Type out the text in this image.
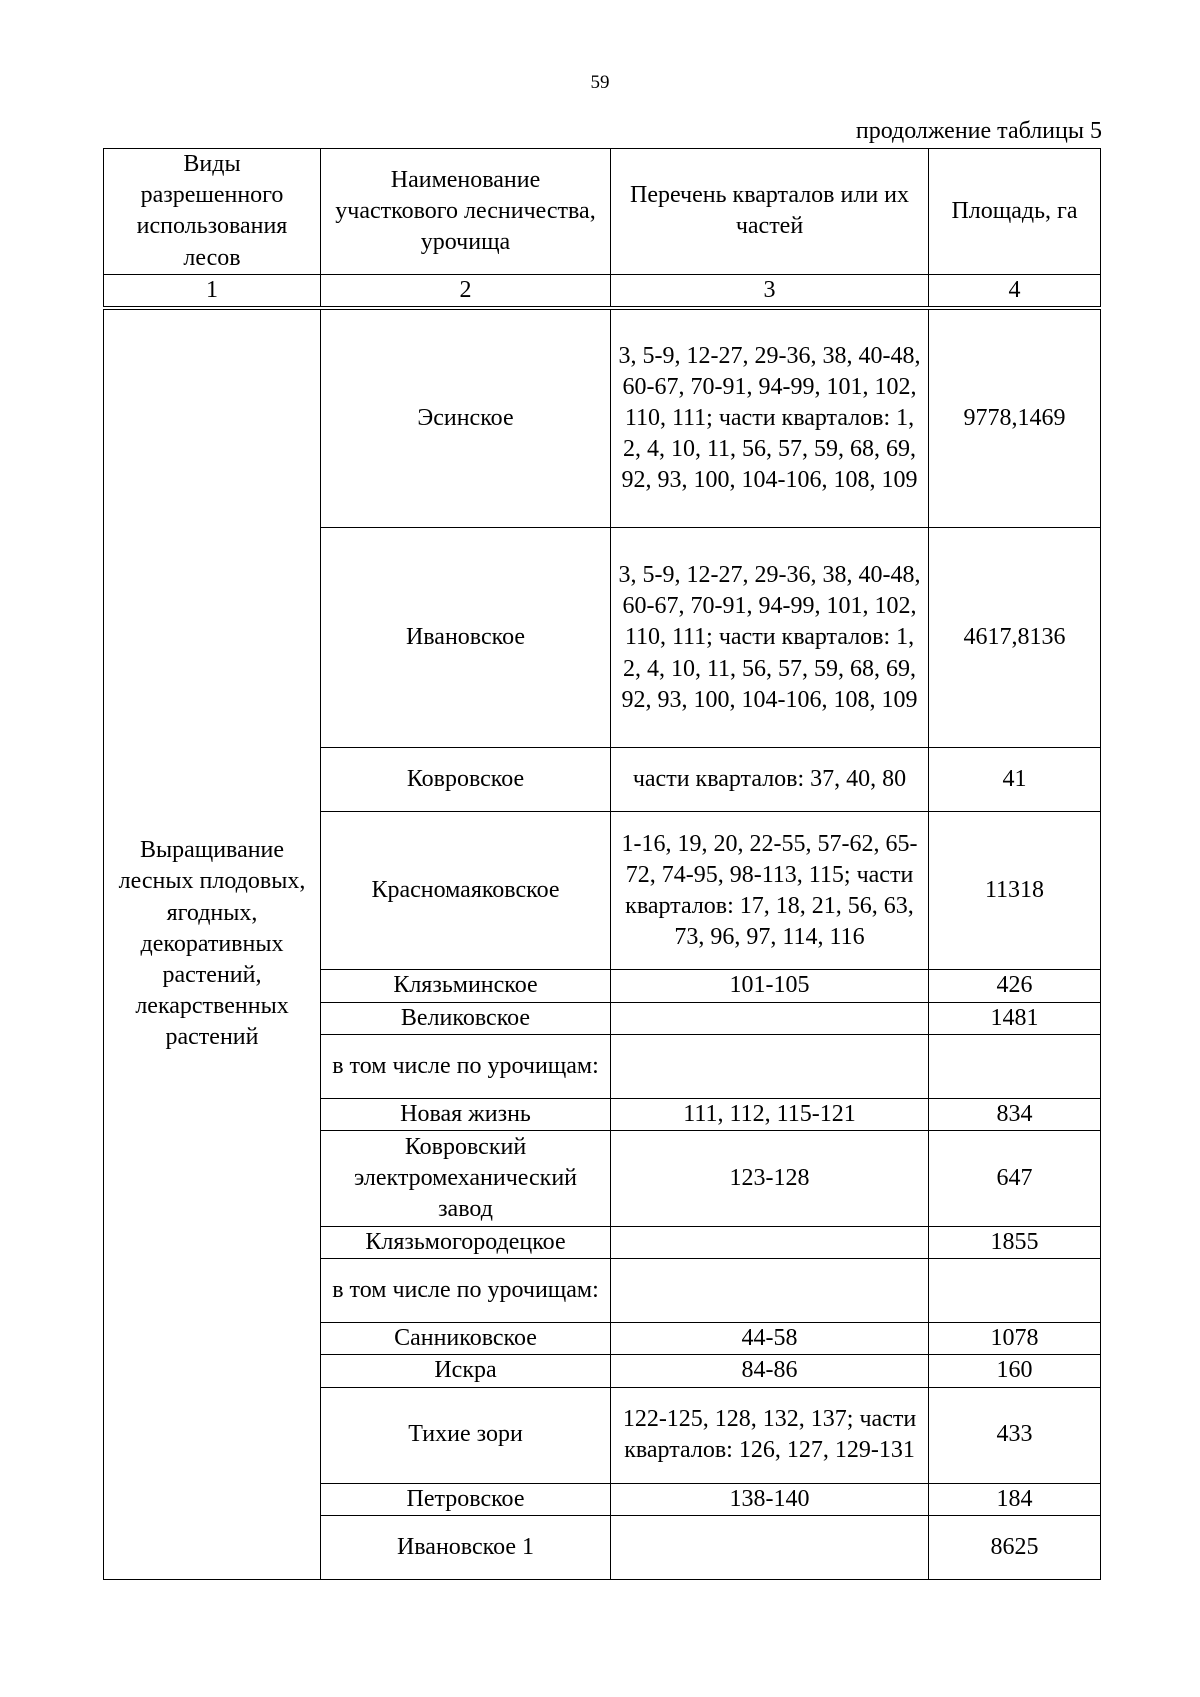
59
продолжение таблицы 5
Виды разрешенного использования лесов	Наименование участкового лесничества, урочища	Перечень кварталов или их частей	Площадь, га
1	2	3	4
Выращивание лесных плодовых, ягодных, декоративных растений, лекарственных растений	Эсинское	3, 5-9, 12-27, 29-36, 38, 40-48, 60-67, 70-91, 94-99, 101, 102, 110, 111; части кварталов: 1, 2, 4, 10, 11, 56, 57, 59, 68, 69, 92, 93, 100, 104-106, 108, 109	9778,1469
	Ивановское	3, 5-9, 12-27, 29-36, 38, 40-48, 60-67, 70-91, 94-99, 101, 102, 110, 111; части кварталов: 1, 2, 4, 10, 11, 56, 57, 59, 68, 69, 92, 93, 100, 104-106, 108, 109	4617,8136
	Ковровское	части кварталов: 37, 40, 80	41
	Красномаяковское	1-16, 19, 20, 22-55, 57-62, 65-72, 74-95, 98-113, 115; части кварталов: 17, 18, 21, 56, 63, 73, 96, 97, 114, 116	11318
	Клязьминское	101-105	426
	Великовское		1481
	в том числе по урочищам:		
	Новая жизнь	111, 112, 115-121	834
	Ковровский электромеханический завод	123-128	647
	Клязьмогородецкое		1855
	в том числе по урочищам:		
	Санниковское	44-58	1078
	Искра	84-86	160
	Тихие зори	122-125, 128, 132, 137; части кварталов: 126, 127, 129-131	433
	Петровское	138-140	184
	Ивановское 1		8625
